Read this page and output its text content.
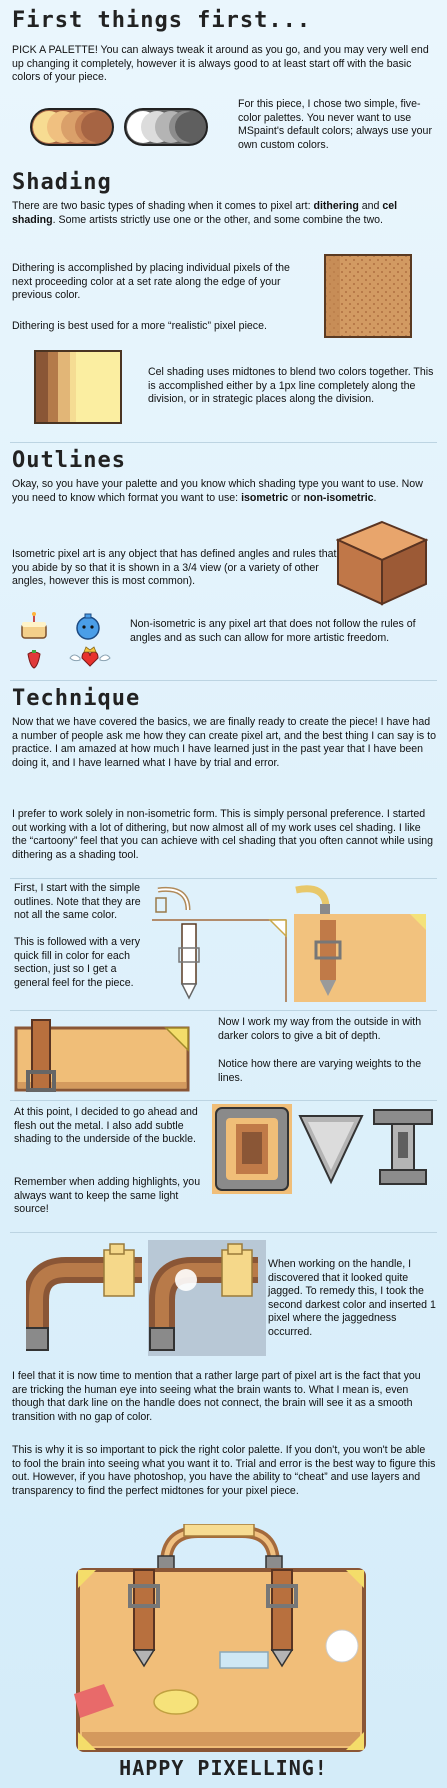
First things first...
PICK A PALETTE! You can always tweak it around as you go, and you may very well end up changing it completely, however it is always good to at least start off with the basic colors of your piece.
For this piece, I chose two simple, five-color palettes. You never want to use MSpaint's default colors; always use your own custom colors.
Shading
There are two basic types of shading when it comes to pixel art: dithering and cel shading. Some artists strictly use one or the other, and some combine the two.
Dithering is accomplished by placing individual pixels of the next proceeding color at a set rate along the edge of your previous color.
Dithering is best used for a more “realistic” pixel piece.
Cel shading uses midtones to blend two colors together. This is accomplished either by a 1px line completely along the division, or in strategic places along the division.
Outlines
Okay, so you have your palette and you know which shading type you want to use. Now you need to know which format you want to use: isometric or non-isometric.
Isometric pixel art is any object that has defined angles and rules that you abide by so that it is shown in a 3/4 view (or a variety of other angles, however this is most common).
Non-isometric is any pixel art that does not follow the rules of angles and as such can allow for more artistic freedom.
Technique
Now that we have covered the basics, we are finally ready to create the piece! I have had a number of people ask me how they can create pixel art, and the best thing I can say is to practice. I am amazed at how much I have learned just in the past year that I have been doing it, and I have learned what I have by trial and error.
I prefer to work solely in non-isometric form. This is simply personal preference. I started out working with a lot of dithering, but now almost all of my work uses cel shading. I like the “cartoony” feel that you can achieve with cel shading that you often cannot while using dithering as a shading tool.
First, I start with the simple outlines. Note that they are not all the same color.
This is followed with a very quick fill in color for each section, just so I get a general feel for the piece.
Now I work my way from the outside in with darker colors to give a bit of depth.
Notice how there are varying weights to the lines.
At this point, I decided to go ahead and flesh out the metal. I also add subtle shading to the underside of the buckle.
Remember when adding highlights, you always want to keep the same light source!
When working on the handle, I discovered that it looked quite jagged. To remedy this, I took the second darkest color and inserted 1 pixel where the jaggedness occurred.
I feel that it is now time to mention that a rather large part of pixel art is the fact that you are tricking the human eye into seeing what the brain wants to. What I mean is, even though that dark line on the handle does not connect, the brain will see it as a smooth transition with no gap of color.
This is why it is so important to pick the right color palette. If you don't, you won't be able to fool the brain into seeing what you want it to. Trial and error is the best way to figure this out. However, if you have photoshop, you have the ability to “cheat” and use layers and transparency to find the perfect midtones for your pixel piece.
HAPPY PIXELLING!
